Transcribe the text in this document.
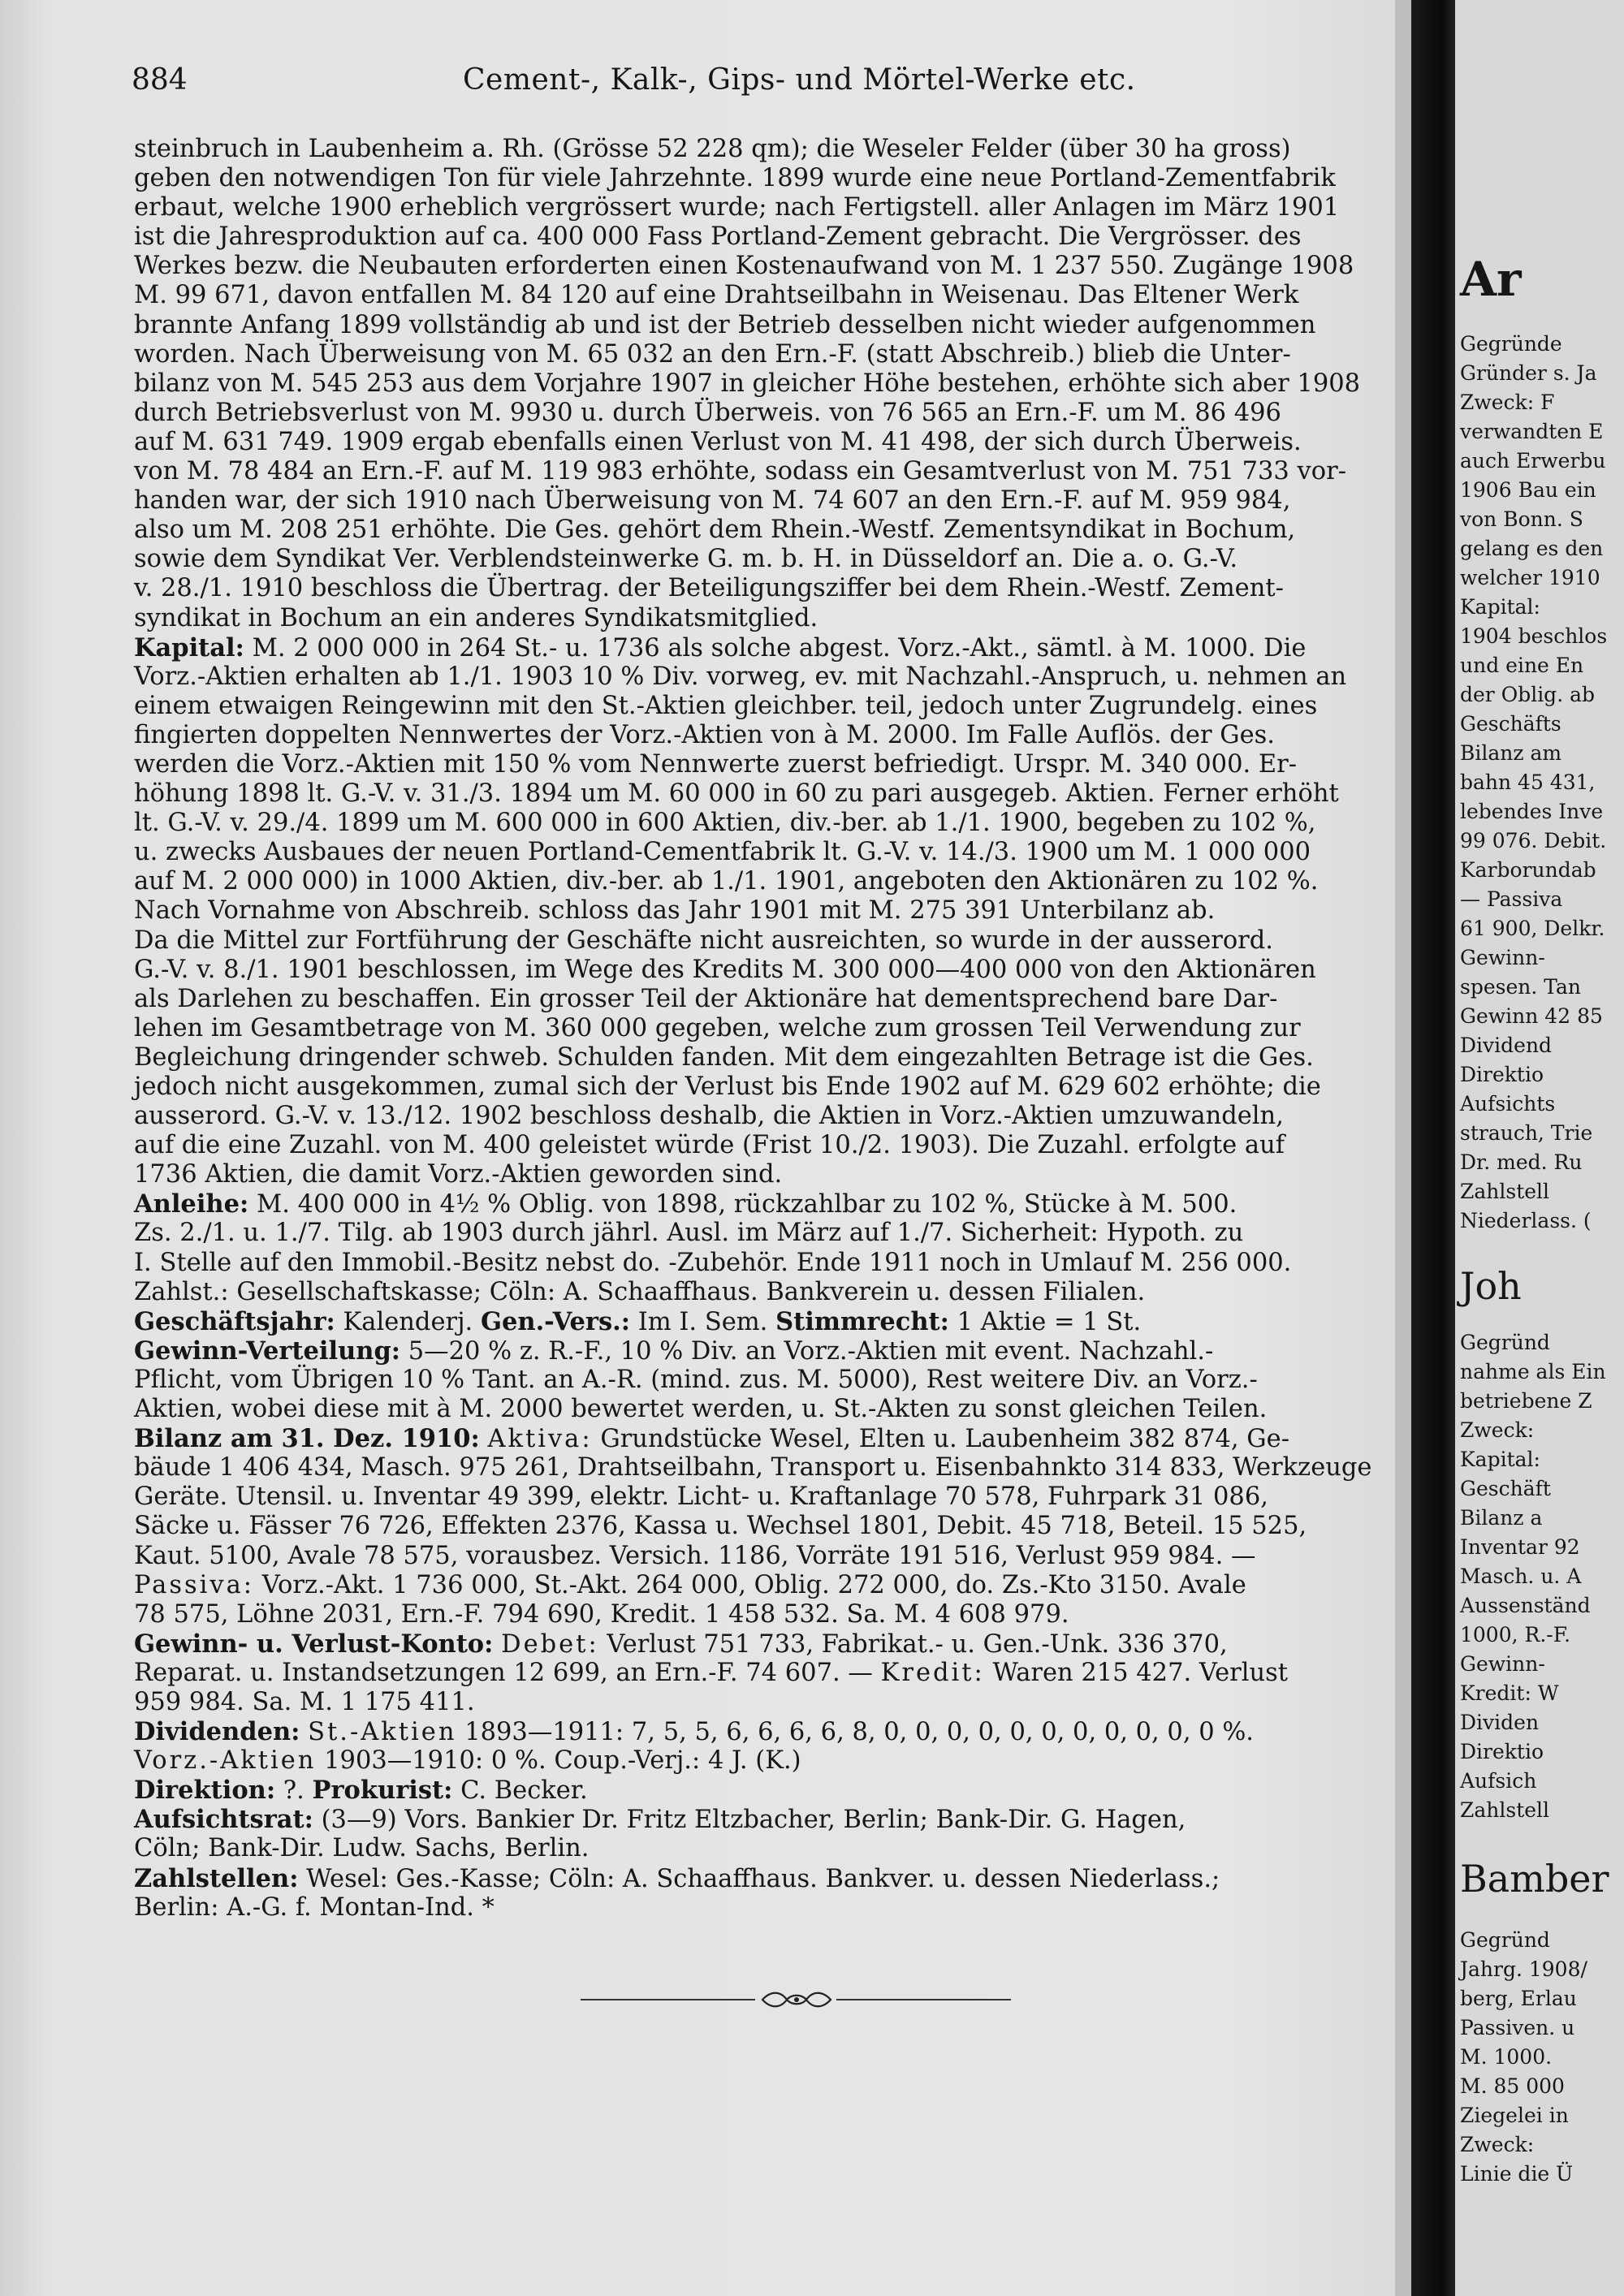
884	Cement-, Kalk-, Gips- und Mörtel-Werke etc.
steinbruch in Laubenheim a. Rh. (Grösse 52 228 qm); die Weseler Felder (über 30 ha gross)
geben den notwendigen Ton für viele Jahrzehnte. 1899 wurde eine neue Portland-Zementfabrik
erbaut, welche 1900 erheblich vergrössert wurde; nach Fertigstell. aller Anlagen im März 1901
ist die Jahresproduktion auf ca. 400 000 Fass Portland-Zement gebracht. Die Vergrösser. des
Werkes bezw. die Neubauten erforderten einen Kostenaufwand von M. 1 237 550. Zugänge 1908
M. 99 671, davon entfallen M. 84 120 auf eine Drahtseilbahn in Weisenau. Das Eltener Werk
brannte Anfang 1899 vollständig ab und ist der Betrieb desselben nicht wieder aufgenommen
worden. Nach Überweisung von M. 65 032 an den Ern.-F. (statt Abschreib.) blieb die Unter-
bilanz von M. 545 253 aus dem Vorjahre 1907 in gleicher Höhe bestehen, erhöhte sich aber 1908
durch Betriebsverlust von M. 9930 u. durch Überweis. von 76 565 an Ern.-F. um M. 86 496
auf M. 631 749. 1909 ergab ebenfalls einen Verlust von M. 41 498, der sich durch Überweis.
von M. 78 484 an Ern.-F. auf M. 119 983 erhöhte, sodass ein Gesamtverlust von M. 751 733 vor-
handen war, der sich 1910 nach Überweisung von M. 74 607 an den Ern.-F. auf M. 959 984,
also um M. 208 251 erhöhte. Die Ges. gehört dem Rhein.-Westf. Zementsyndikat in Bochum,
sowie dem Syndikat Ver. Verblendsteinwerke G. m. b. H. in Düsseldorf an. Die a. o. G.-V.
v. 28./1. 1910 beschloss die Übertrag. der Beteiligungsziffer bei dem Rhein.-Westf. Zement-
syndikat in Bochum an ein anderes Syndikatsmitglied.
Kapital: M. 2 000 000 in 264 St.- u. 1736 als solche abgest. Vorz.-Akt., sämtl. à M. 1000. Die
Vorz.-Aktien erhalten ab 1./1. 1903 10 % Div. vorweg, ev. mit Nachzahl.-Anspruch, u. nehmen an
einem etwaigen Reingewinn mit den St.-Aktien gleichber. teil, jedoch unter Zugrundelg. eines
fingierten doppelten Nennwertes der Vorz.-Aktien von à M. 2000. Im Falle Auflös. der Ges.
werden die Vorz.-Aktien mit 150 % vom Nennwerte zuerst befriedigt. Urspr. M. 340 000. Er-
höhung 1898 lt. G.-V. v. 31./3. 1894 um M. 60 000 in 60 zu pari ausgegeb. Aktien. Ferner erhöht
lt. G.-V. v. 29./4. 1899 um M. 600 000 in 600 Aktien, div.-ber. ab 1./1. 1900, begeben zu 102 %,
u. zwecks Ausbaues der neuen Portland-Cementfabrik lt. G.-V. v. 14./3. 1900 um M. 1 000 000
auf M. 2 000 000) in 1000 Aktien, div.-ber. ab 1./1. 1901, angeboten den Aktionären zu 102 %.
Nach Vornahme von Abschreib. schloss das Jahr 1901 mit M. 275 391 Unterbilanz ab.
Da die Mittel zur Fortführung der Geschäfte nicht ausreichten, so wurde in der ausserord.
G.-V. v. 8./1. 1901 beschlossen, im Wege des Kredits M. 300 000—400 000 von den Aktionären
als Darlehen zu beschaffen. Ein grosser Teil der Aktionäre hat dementsprechend bare Dar-
lehen im Gesamtbetrage von M. 360 000 gegeben, welche zum grossen Teil Verwendung zur
Begleichung dringender schweb. Schulden fanden. Mit dem eingezahlten Betrage ist die Ges.
jedoch nicht ausgekommen, zumal sich der Verlust bis Ende 1902 auf M. 629 602 erhöhte; die
ausserord. G.-V. v. 13./12. 1902 beschloss deshalb, die Aktien in Vorz.-Aktien umzuwandeln,
auf die eine Zuzahl. von M. 400 geleistet würde (Frist 10./2. 1903). Die Zuzahl. erfolgte auf
1736 Aktien, die damit Vorz.-Aktien geworden sind.
Anleihe: M. 400 000 in 4½ % Oblig. von 1898, rückzahlbar zu 102 %, Stücke à M. 500.
Zs. 2./1. u. 1./7. Tilg. ab 1903 durch jährl. Ausl. im März auf 1./7. Sicherheit: Hypoth. zu
I. Stelle auf den Immobil.-Besitz nebst do. -Zubehör. Ende 1911 noch in Umlauf M. 256 000.
Zahlst.: Gesellschaftskasse; Cöln: A. Schaaffhaus. Bankverein u. dessen Filialen.
Geschäftsjahr: Kalenderj. Gen.-Vers.: Im I. Sem. Stimmrecht: 1 Aktie = 1 St.
Gewinn-Verteilung: 5—20 % z. R.-F., 10 % Div. an Vorz.-Aktien mit event. Nachzahl.-
Pflicht, vom Übrigen 10 % Tant. an A.-R. (mind. zus. M. 5000), Rest weitere Div. an Vorz.-
Aktien, wobei diese mit à M. 2000 bewertet werden, u. St.-Akten zu sonst gleichen Teilen.
Bilanz am 31. Dez. 1910: Aktiva: Grundstücke Wesel, Elten u. Laubenheim 382 874, Ge-
bäude 1 406 434, Masch. 975 261, Drahtseilbahn, Transport u. Eisenbahnkto 314 833, Werkzeuge
Geräte. Utensil. u. Inventar 49 399, elektr. Licht- u. Kraftanlage 70 578, Fuhrpark 31 086,
Säcke u. Fässer 76 726, Effekten 2376, Kassa u. Wechsel 1801, Debit. 45 718, Beteil. 15 525,
Kaut. 5100, Avale 78 575, vorausbez. Versich. 1186, Vorräte 191 516, Verlust 959 984. —
Passiva: Vorz.-Akt. 1 736 000, St.-Akt. 264 000, Oblig. 272 000, do. Zs.-Kto 3150. Avale
78 575, Löhne 2031, Ern.-F. 794 690, Kredit. 1 458 532. Sa. M. 4 608 979.
Gewinn- u. Verlust-Konto: Debet: Verlust 751 733, Fabrikat.- u. Gen.-Unk. 336 370,
Reparat. u. Instandsetzungen 12 699, an Ern.-F. 74 607. — Kredit: Waren 215 427. Verlust
959 984. Sa. M. 1 175 411.
Dividenden: St.-Aktien 1893—1911: 7, 5, 5, 6, 6, 6, 6, 8, 0, 0, 0, 0, 0, 0, 0, 0, 0, 0, 0 %.
Vorz.-Aktien 1903—1910: 0 %. Coup.-Verj.: 4 J. (K.)
Direktion: ?. Prokurist: C. Becker.
Aufsichtsrat: (3—9) Vors. Bankier Dr. Fritz Eltzbacher, Berlin; Bank-Dir. G. Hagen,
Cöln; Bank-Dir. Ludw. Sachs, Berlin.
Zahlstellen: Wesel: Ges.-Kasse; Cöln: A. Schaaffhaus. Bankver. u. dessen Niederlass.;
Berlin: A.-G. f. Montan-Ind. *
Ar
Gegründe
Gründer s. Ja
Zweck: F
verwandten E
auch Erwerbu
1906 Bau ein
von Bonn. S
gelang es den
welcher 1910
Kapital:
1904 beschlos
und eine En
der Oblig. ab
Geschäfts
Bilanz am
bahn 45 431,
lebendes Inve
99 076. Debit.
Karborundab
— Passiva
61 900, Delkr.
Gewinn-
spesen. Tan
Gewinn 42 85
Dividend
Direktio
Aufsichts
strauch, Trie
Dr. med. Ru
Zahlstell
Niederlass. (
Joh
Gegründ
nahme als Ein
betriebene Z
Zweck:
Kapital:
Geschäft
Bilanz a
Inventar 92
Masch. u. A
Aussenständ
1000, R.-F.
Gewinn-
Kredit: W
Dividen
Direktio
Aufsich
Zahlstell
Bamber
Gegründ
Jahrg. 1908/
berg, Erlau
Passiven. u
M. 1000.
M. 85 000
Ziegelei in
Zweck:
Linie die Ü
